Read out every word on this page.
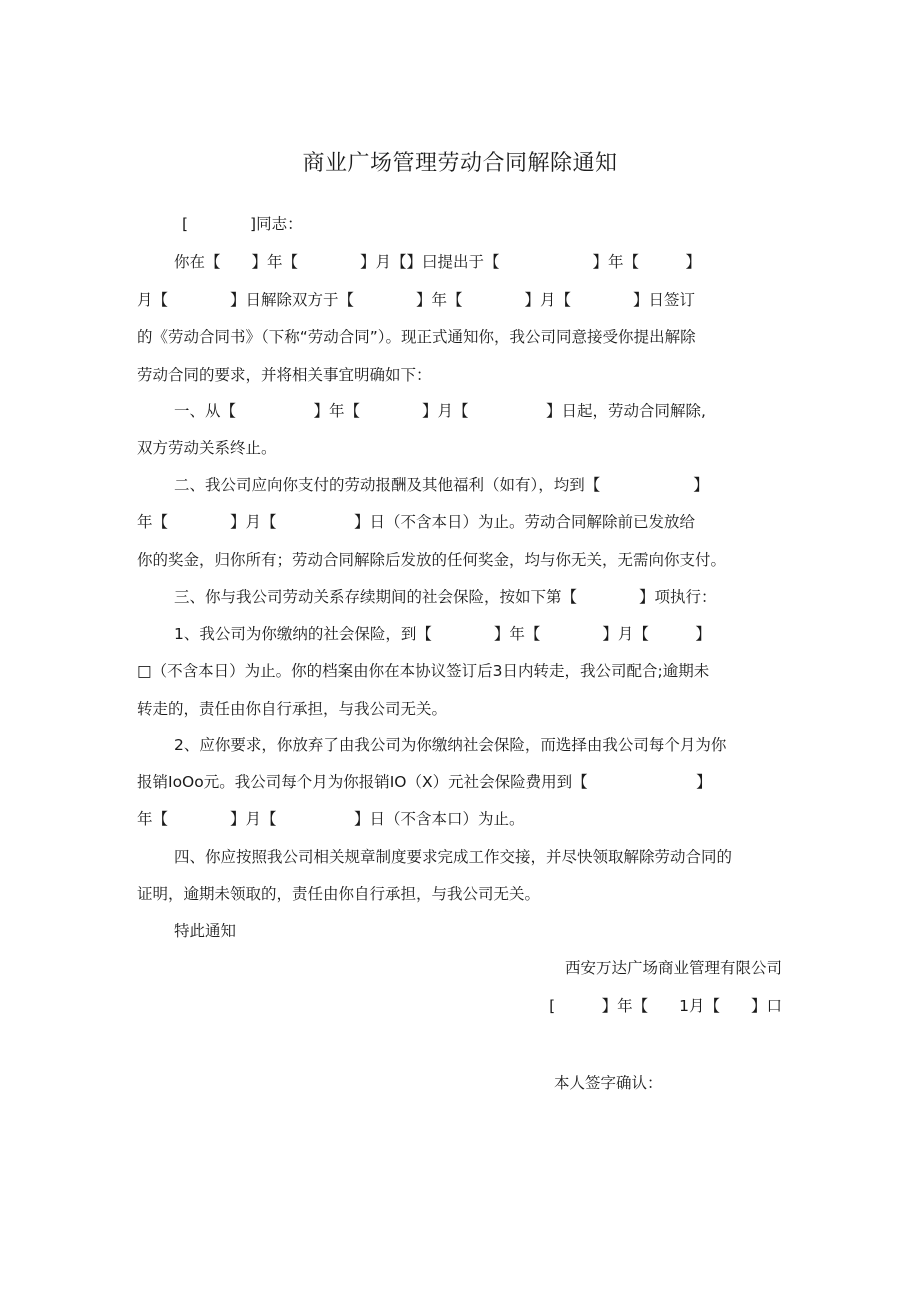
商业广场管理劳动合同解除通知
[　　　　]同志：
你在【　　】年【　　　　】月【】曰提出于【　　　　　　】年【　　　】
月【　　　　】日解除双方于【　　　　】年【　　　　】月【　　　　】日签订
的《劳动合同书》（下称“劳动合同”）。现正式通知你，我公司同意接受你提出解除
劳动合同的要求，并将相关事宜明确如下：
一、从【　　　　　】年【　　　　】月【　　　　　】日起，劳动合同解除,
双方劳动关系终止。
二、我公司应向你支付的劳动报酬及其他福利（如有），均到【　　　　　　】
年【　　　　】月【　　　　　】日（不含本日）为止。劳动合同解除前已发放给
你的奖金，归你所有；劳动合同解除后发放的任何奖金，均与你无关，无需向你支付。
三、你与我公司劳动关系存续期间的社会保险，按如下第【　　　　】项执行：
1、我公司为你缴纳的社会保险，到【　　　　】年【　　　　】月【　　　】
□（不含本日）为止。你的档案由你在本协议签订后3日内转走，我公司配合;逾期未
转走的，责任由你自行承担，与我公司无关。
2、应你要求，你放弃了由我公司为你缴纳社会保险，而选择由我公司每个月为你
报销IoOo元。我公司每个月为你报销IO（X）元社会保险费用到【　　　　　　　】
年【　　　　】月【　　　　　】日（不含本口）为止。
四、你应按照我公司相关规章制度要求完成工作交接，并尽快领取解除劳动合同的
证明，逾期未领取的，责任由你自行承担，与我公司无关。
特此通知
西安万达广场商业管理有限公司
[　　　】年【　　1月【　　】口
本人签字确认：
